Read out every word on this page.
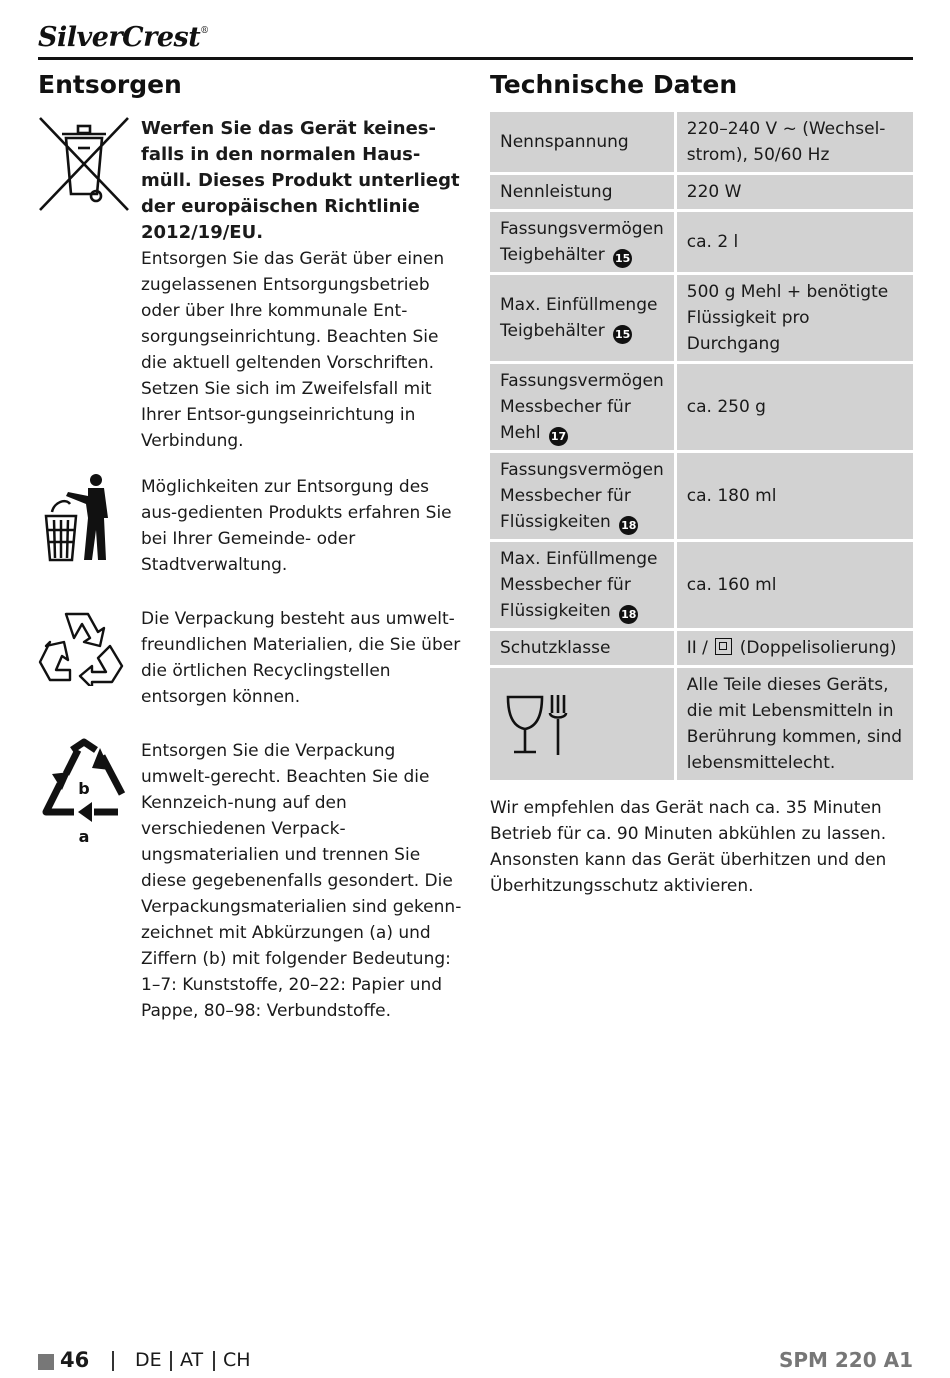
SilverCrest®
Entsorgen

Werfen Sie das Gerät keines-falls in den normalen Haus-müll. Dieses Produkt unterliegt der europäischen Richtlinie 2012/19/EU.

Entsorgen Sie das Gerät über einen zugelassenen Entsorgungsbetrieb oder über Ihre kommunale Ent-sorgungseinrichtung. Beachten Sie die aktuell geltenden Vorschriften. Setzen Sie sich im Zweifelsfall mit Ihrer Entsor-gungseinrichtung in Verbindung.

Möglichkeiten zur Entsorgung des aus-gedienten Produkts erfahren Sie bei Ihrer Gemeinde- oder Stadtverwaltung.

Die Verpackung besteht aus umwelt-freundlichen Materialien, die Sie über die örtlichen Recyclingstellen entsorgen können.

b
a

Entsorgen Sie die Verpackung umwelt-gerecht. Beachten Sie die Kennzeich-nung auf den verschiedenen Verpack-ungsmaterialien und trennen Sie diese gegebenenfalls gesondert. Die Verpackungsmaterialien sind gekenn-zeichnet mit Abkürzungen (a) und Ziffern (b) mit folgender Bedeutung: 1–7: Kunststoffe, 20–22: Papier und Pappe, 80–98: Verbundstoffe.

Technische Daten
Nennspannung	220–240 V ~ (Wechsel-strom), 50/60 Hz
Nennleistung	220 W
Fassungsvermögen Teigbehälter 15	ca. 2 l
Max. Einfüllmenge Teigbehälter 15	500 g Mehl + benötigte Flüssigkeit pro Durchgang
Fassungsvermögen Messbecher für Mehl 17	ca. 250 g
Fassungsvermögen Messbecher für Flüssigkeiten 18	ca. 180 ml
Max. Einfüllmenge Messbecher für Flüssigkeiten 18	ca. 160 ml
Schutzklasse	II / (Doppelisolierung)

	Alle Teile dieses Geräts, die mit Lebensmitteln in Berührung kommen, sind lebensmittelecht.

Wir empfehlen das Gerät nach ca. 35 Minuten Betrieb für ca. 90 Minuten abkühlen zu lassen. Ansonsten kann das Gerät überhitzen und den Überhitzungsschutz aktivieren.

46 DE AT CH	SPM 220 A1
